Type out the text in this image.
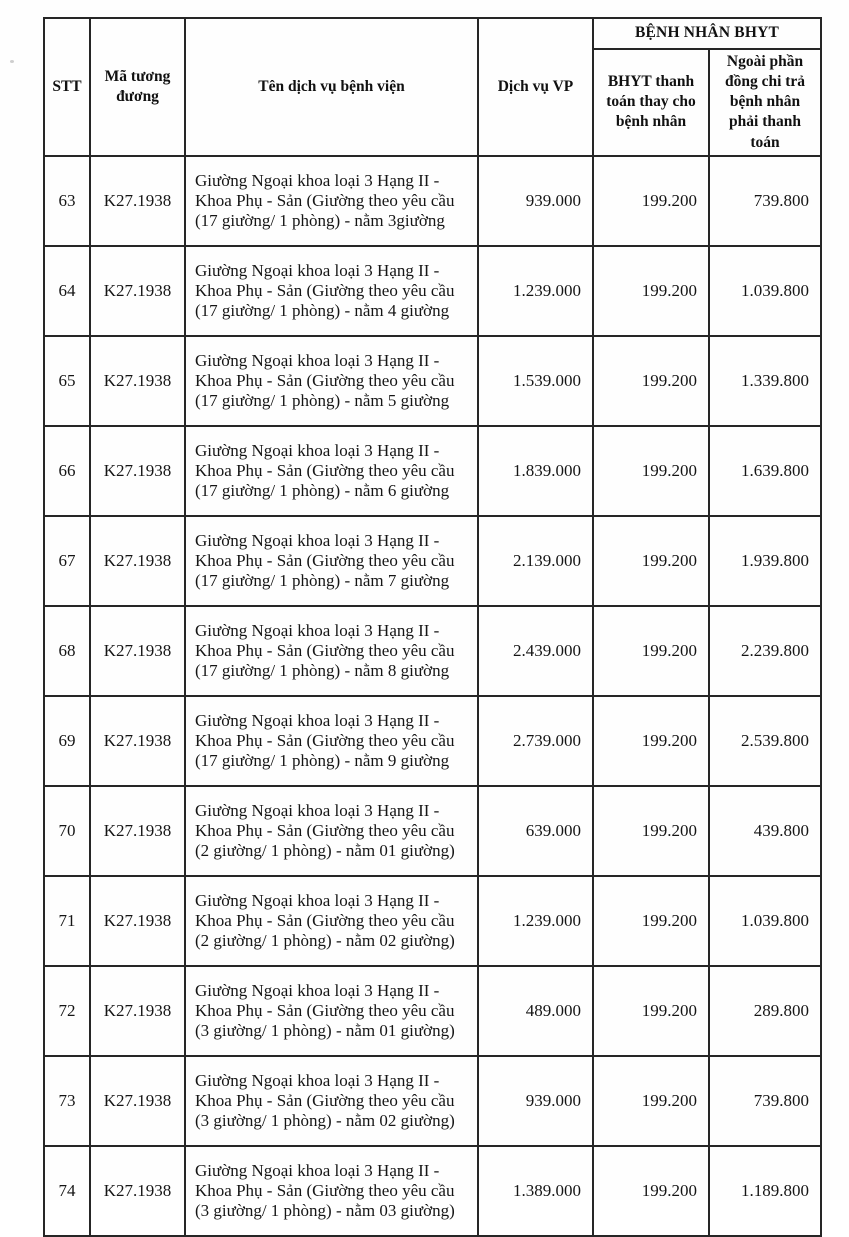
STT	Mã tương đương	Tên dịch vụ bệnh viện	Dịch vụ VP	BỆNH NHÂN BHYT	
				BHYT thanh toán thay cho bệnh nhân	Ngoài phần đồng chi trả bệnh nhân phải thanh toán
63	K27.1938	Giường Ngoại khoa loại 3 Hạng II - Khoa Phụ - Sản (Giường theo yêu cầu (17 giường/ 1 phòng) - nằm 3giường	939.000	199.200	739.800
64	K27.1938	Giường Ngoại khoa loại 3 Hạng II - Khoa Phụ - Sản (Giường theo yêu cầu (17 giường/ 1 phòng) - nằm 4 giường	1.239.000	199.200	1.039.800
65	K27.1938	Giường Ngoại khoa loại 3 Hạng II - Khoa Phụ - Sản (Giường theo yêu cầu (17 giường/ 1 phòng) - nằm 5 giường	1.539.000	199.200	1.339.800
66	K27.1938	Giường Ngoại khoa loại 3 Hạng II - Khoa Phụ - Sản (Giường theo yêu cầu (17 giường/ 1 phòng) - nằm 6 giường	1.839.000	199.200	1.639.800
67	K27.1938	Giường Ngoại khoa loại 3 Hạng II - Khoa Phụ - Sản (Giường theo yêu cầu (17 giường/ 1 phòng) - nằm 7 giường	2.139.000	199.200	1.939.800
68	K27.1938	Giường Ngoại khoa loại 3 Hạng II - Khoa Phụ - Sản (Giường theo yêu cầu (17 giường/ 1 phòng) - nằm 8 giường	2.439.000	199.200	2.239.800
69	K27.1938	Giường Ngoại khoa loại 3 Hạng II - Khoa Phụ - Sản (Giường theo yêu cầu (17 giường/ 1 phòng) - nằm 9 giường	2.739.000	199.200	2.539.800
70	K27.1938	Giường Ngoại khoa loại 3 Hạng II - Khoa Phụ - Sản (Giường theo yêu cầu (2 giường/ 1 phòng) - nằm 01 giường)	639.000	199.200	439.800
71	K27.1938	Giường Ngoại khoa loại 3 Hạng II - Khoa Phụ - Sản (Giường theo yêu cầu (2 giường/ 1 phòng) - nằm 02 giường)	1.239.000	199.200	1.039.800
72	K27.1938	Giường Ngoại khoa loại 3 Hạng II - Khoa Phụ - Sản (Giường theo yêu cầu (3 giường/ 1 phòng) - nằm 01 giường)	489.000	199.200	289.800
73	K27.1938	Giường Ngoại khoa loại 3 Hạng II - Khoa Phụ - Sản (Giường theo yêu cầu (3 giường/ 1 phòng) - nằm 02 giường)	939.000	199.200	739.800
74	K27.1938	Giường Ngoại khoa loại 3 Hạng II - Khoa Phụ - Sản (Giường theo yêu cầu (3 giường/ 1 phòng) - nằm 03 giường)	1.389.000	199.200	1.189.800
